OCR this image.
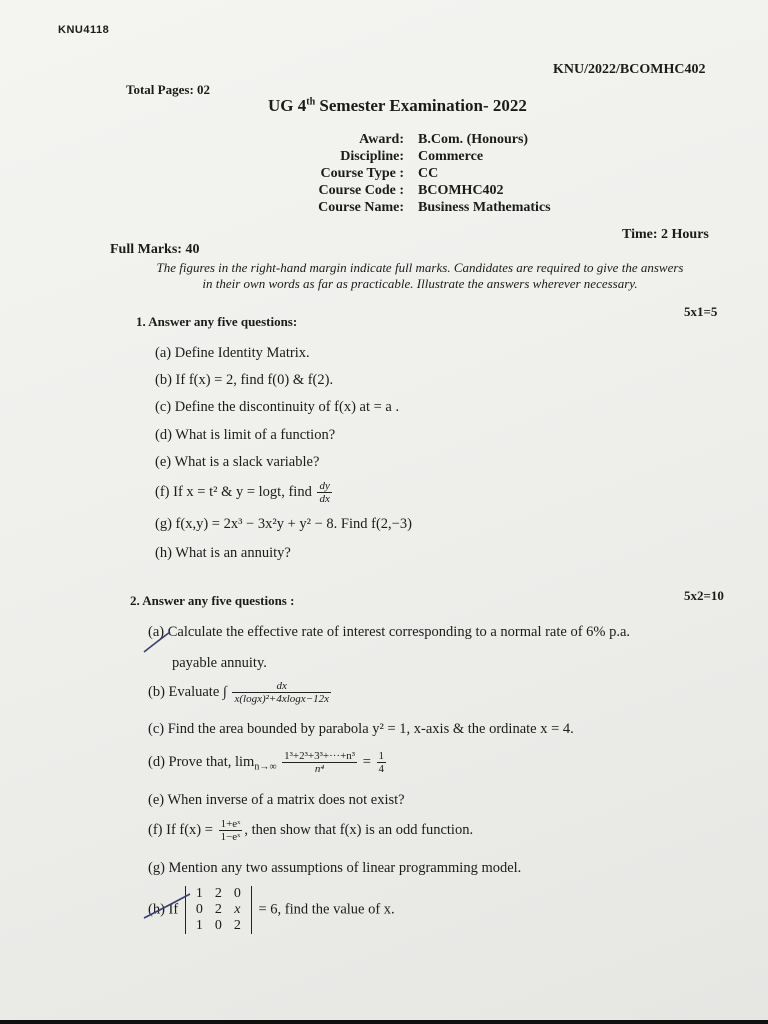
KNU4118
KNU/2022/BCOMHC402
Total Pages: 02
UG 4th Semester Examination- 2022
Award: B.Com. (Honours)
Discipline: Commerce
Course Type : CC
Course Code : BCOMHC402
Course Name: Business Mathematics
Time: 2 Hours
Full Marks: 40
The figures in the right-hand margin indicate full marks. Candidates are required to give the answers
in their own words as far as practicable. Illustrate the answers wherever necessary.
1. Answer any five questions:
5x1=5
(a) Define Identity Matrix.
(b) If f(x) = 2, find f(0) & f(2).
(c) Define the discontinuity of f(x) at = a .
(d) What is limit of a function?
(e) What is a slack variable?
(f) If x = t² & y = logt, find $\frac{dy}{dx}$
(g) f(x,y) = 2x³ − 3x²y + y² − 8. Find f(2,−3)
(h) What is an annuity?
2. Answer any five questions :	5x2=10
(a) Calculate the effective rate of interest corresponding to a normal rate of 6% p.a.
payable annuity.
(b) Evaluate ∫ $\frac{dx}{\text{x(logx)²+4xlogx−12x}}$
(c) Find the area bounded by parabola y² = 1, x-axis & the ordinate x = 4.
(d) Prove that, $\lim_{n\to\infty} \frac{\text{1³+2³+3³+···+n³}}{\text{n⁴}} = \frac{1}{4}$
(e) When inverse of a matrix does not exist?
(f) If $f(x) = \frac{\text{1+eˣ}}{\text{1−eˣ}}$ , then show that f(x) is an odd function.
(g) Mention any two assumptions of linear programming model.
(h) If
1	2	0
0	2	x
1	0	2
= 6, find the value of x.
